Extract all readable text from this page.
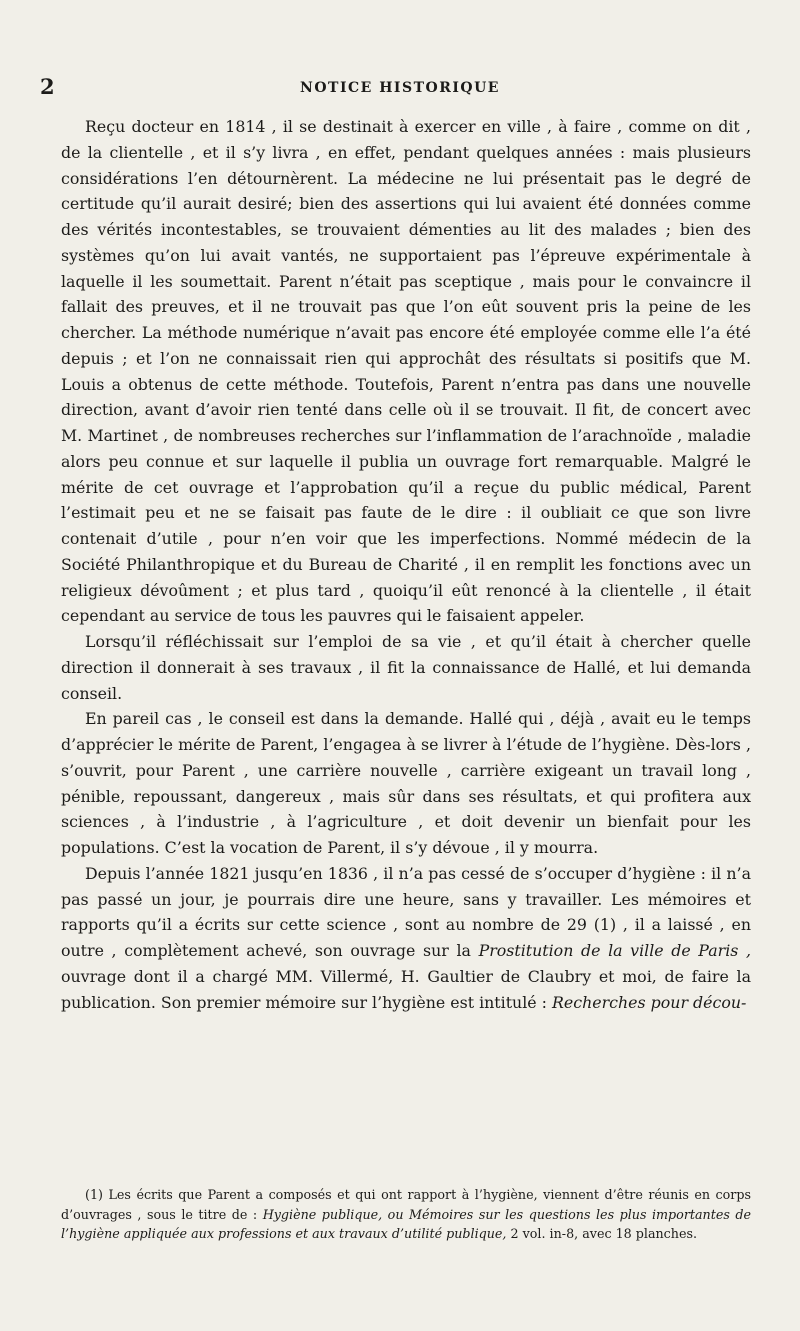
2	NOTICE HISTORIQUE

Reçu docteur en 1814 , il se destinait à exercer en ville , à faire , comme on dit , de la clientelle , et il s’y livra , en effet, pendant quelques années : mais plusieurs considérations l’en détournèrent. La médecine ne lui présentait pas le degré de certitude qu’il aurait desiré; bien des assertions qui lui avaient été données comme des vérités incontestables, se trouvaient démenties au lit des malades ; bien des systèmes qu’on lui avait vantés, ne supportaient pas l’épreuve expérimentale à laquelle il les soumettait. Parent n’était pas sceptique , mais pour le convaincre il fallait des preuves, et il ne trouvait pas que l’on eût souvent pris la peine de les chercher. La méthode numérique n’avait pas encore été employée comme elle l’a été depuis ; et l’on ne connaissait rien qui approchât des résultats si positifs que M. Louis a obtenus de cette méthode. Toutefois, Parent n’entra pas dans une nouvelle direction, avant d’avoir rien tenté dans celle où il se trouvait. Il fit, de concert avec M. Martinet , de nombreuses recherches sur l’inflammation de l’arachnoïde , maladie alors peu connue et sur laquelle il publia un ouvrage fort remarquable. Malgré le mérite de cet ouvrage et l’approbation qu’il a reçue du public médical, Parent l’estimait peu et ne se faisait pas faute de le dire : il oubliait ce que son livre contenait d’utile , pour n’en voir que les imperfections. Nommé médecin de la Société Philanthropique et du Bureau de Charité , il en remplit les fonctions avec un religieux dévoûment ; et plus tard , quoiqu’il eût renoncé à la clientelle , il était cependant au service de tous les pauvres qui le faisaient appeler.

Lorsqu’il réfléchissait sur l’emploi de sa vie , et qu’il était à chercher quelle direction il donnerait à ses travaux , il fit la connaissance de Hallé, et lui demanda conseil.

En pareil cas , le conseil est dans la demande. Hallé qui , déjà , avait eu le temps d’apprécier le mérite de Parent, l’engagea à se livrer à l’étude de l’hygiène. Dès-lors , s’ouvrit, pour Parent , une carrière nouvelle , carrière exigeant un travail long , pénible, repoussant, dangereux , mais sûr dans ses résultats, et qui profitera aux sciences , à l’industrie , à l’agriculture , et doit devenir un bienfait pour les populations. C’est la vocation de Parent, il s’y dévoue , il y mourra.

Depuis l’année 1821 jusqu’en 1836 , il n’a pas cessé de s’occuper d’hygiène : il n’a pas passé un jour, je pourrais dire une heure, sans y travailler. Les mémoires et rapports qu’il a écrits sur cette science , sont au nombre de 29 (1) , il a laissé , en outre , complètement achevé, son ouvrage sur la Prostitution de la ville de Paris , ouvrage dont il a chargé MM. Villermé, H. Gaultier de Claubry et moi, de faire la publication. Son premier mémoire sur l’hygiène est intitulé : Recherches pour décou-

(1) Les écrits que Parent a composés et qui ont rapport à l’hygiène, viennent d’être réunis en corps d’ouvrages , sous le titre de : Hygiène publique, ou Mémoires sur les questions les plus importantes de l’hygiène appliquée aux professions et aux travaux d’utilité publique, 2 vol. in-8, avec 18 planches.
